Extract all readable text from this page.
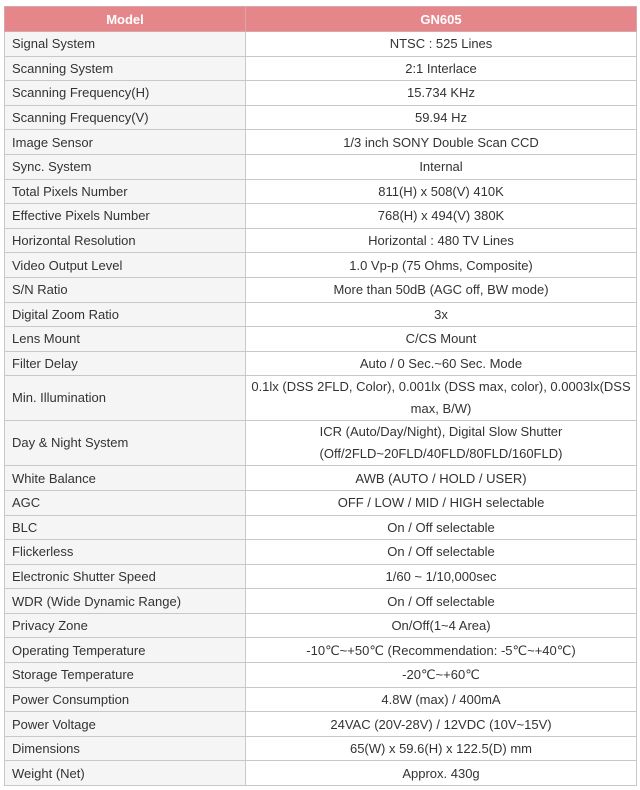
Model	GN605
Signal System	NTSC : 525 Lines
Scanning System	2:1 Interlace
Scanning Frequency(H)	15.734 KHz
Scanning Frequency(V)	59.94 Hz
Image Sensor	1/3 inch SONY Double Scan CCD
Sync. System	Internal
Total Pixels Number	811(H) x 508(V) 410K
Effective Pixels Number	768(H) x 494(V) 380K
Horizontal Resolution	Horizontal : 480 TV Lines
Video Output Level	1.0 Vp-p (75 Ohms, Composite)
S/N Ratio	More than 50dB (AGC off, BW mode)
Digital Zoom Ratio	3x
Lens Mount	C/CS Mount
Filter Delay	Auto / 0 Sec.~60 Sec. Mode
Min. Illumination	0.1lx (DSS 2FLD, Color), 0.001lx (DSS max, color), 0.0003lx(DSS max, B/W)
Day & Night System	ICR (Auto/Day/Night), Digital Slow Shutter (Off/2FLD~20FLD/40FLD/80FLD/160FLD)
White Balance	AWB (AUTO / HOLD / USER)
AGC	OFF / LOW / MID / HIGH selectable
BLC	On / Off selectable
Flickerless	On / Off selectable
Electronic Shutter Speed	1/60 ~ 1/10,000sec
WDR (Wide Dynamic Range)	On / Off selectable
Privacy Zone	On/Off(1~4 Area)
Operating Temperature	-10℃~+50℃ (Recommendation: -5℃~+40℃)
Storage Temperature	-20℃~+60℃
Power Consumption	4.8W (max) / 400mA
Power Voltage	24VAC (20V-28V) / 12VDC (10V~15V)
Dimensions	65(W) x 59.6(H) x 122.5(D) mm
Weight (Net)	Approx. 430g
